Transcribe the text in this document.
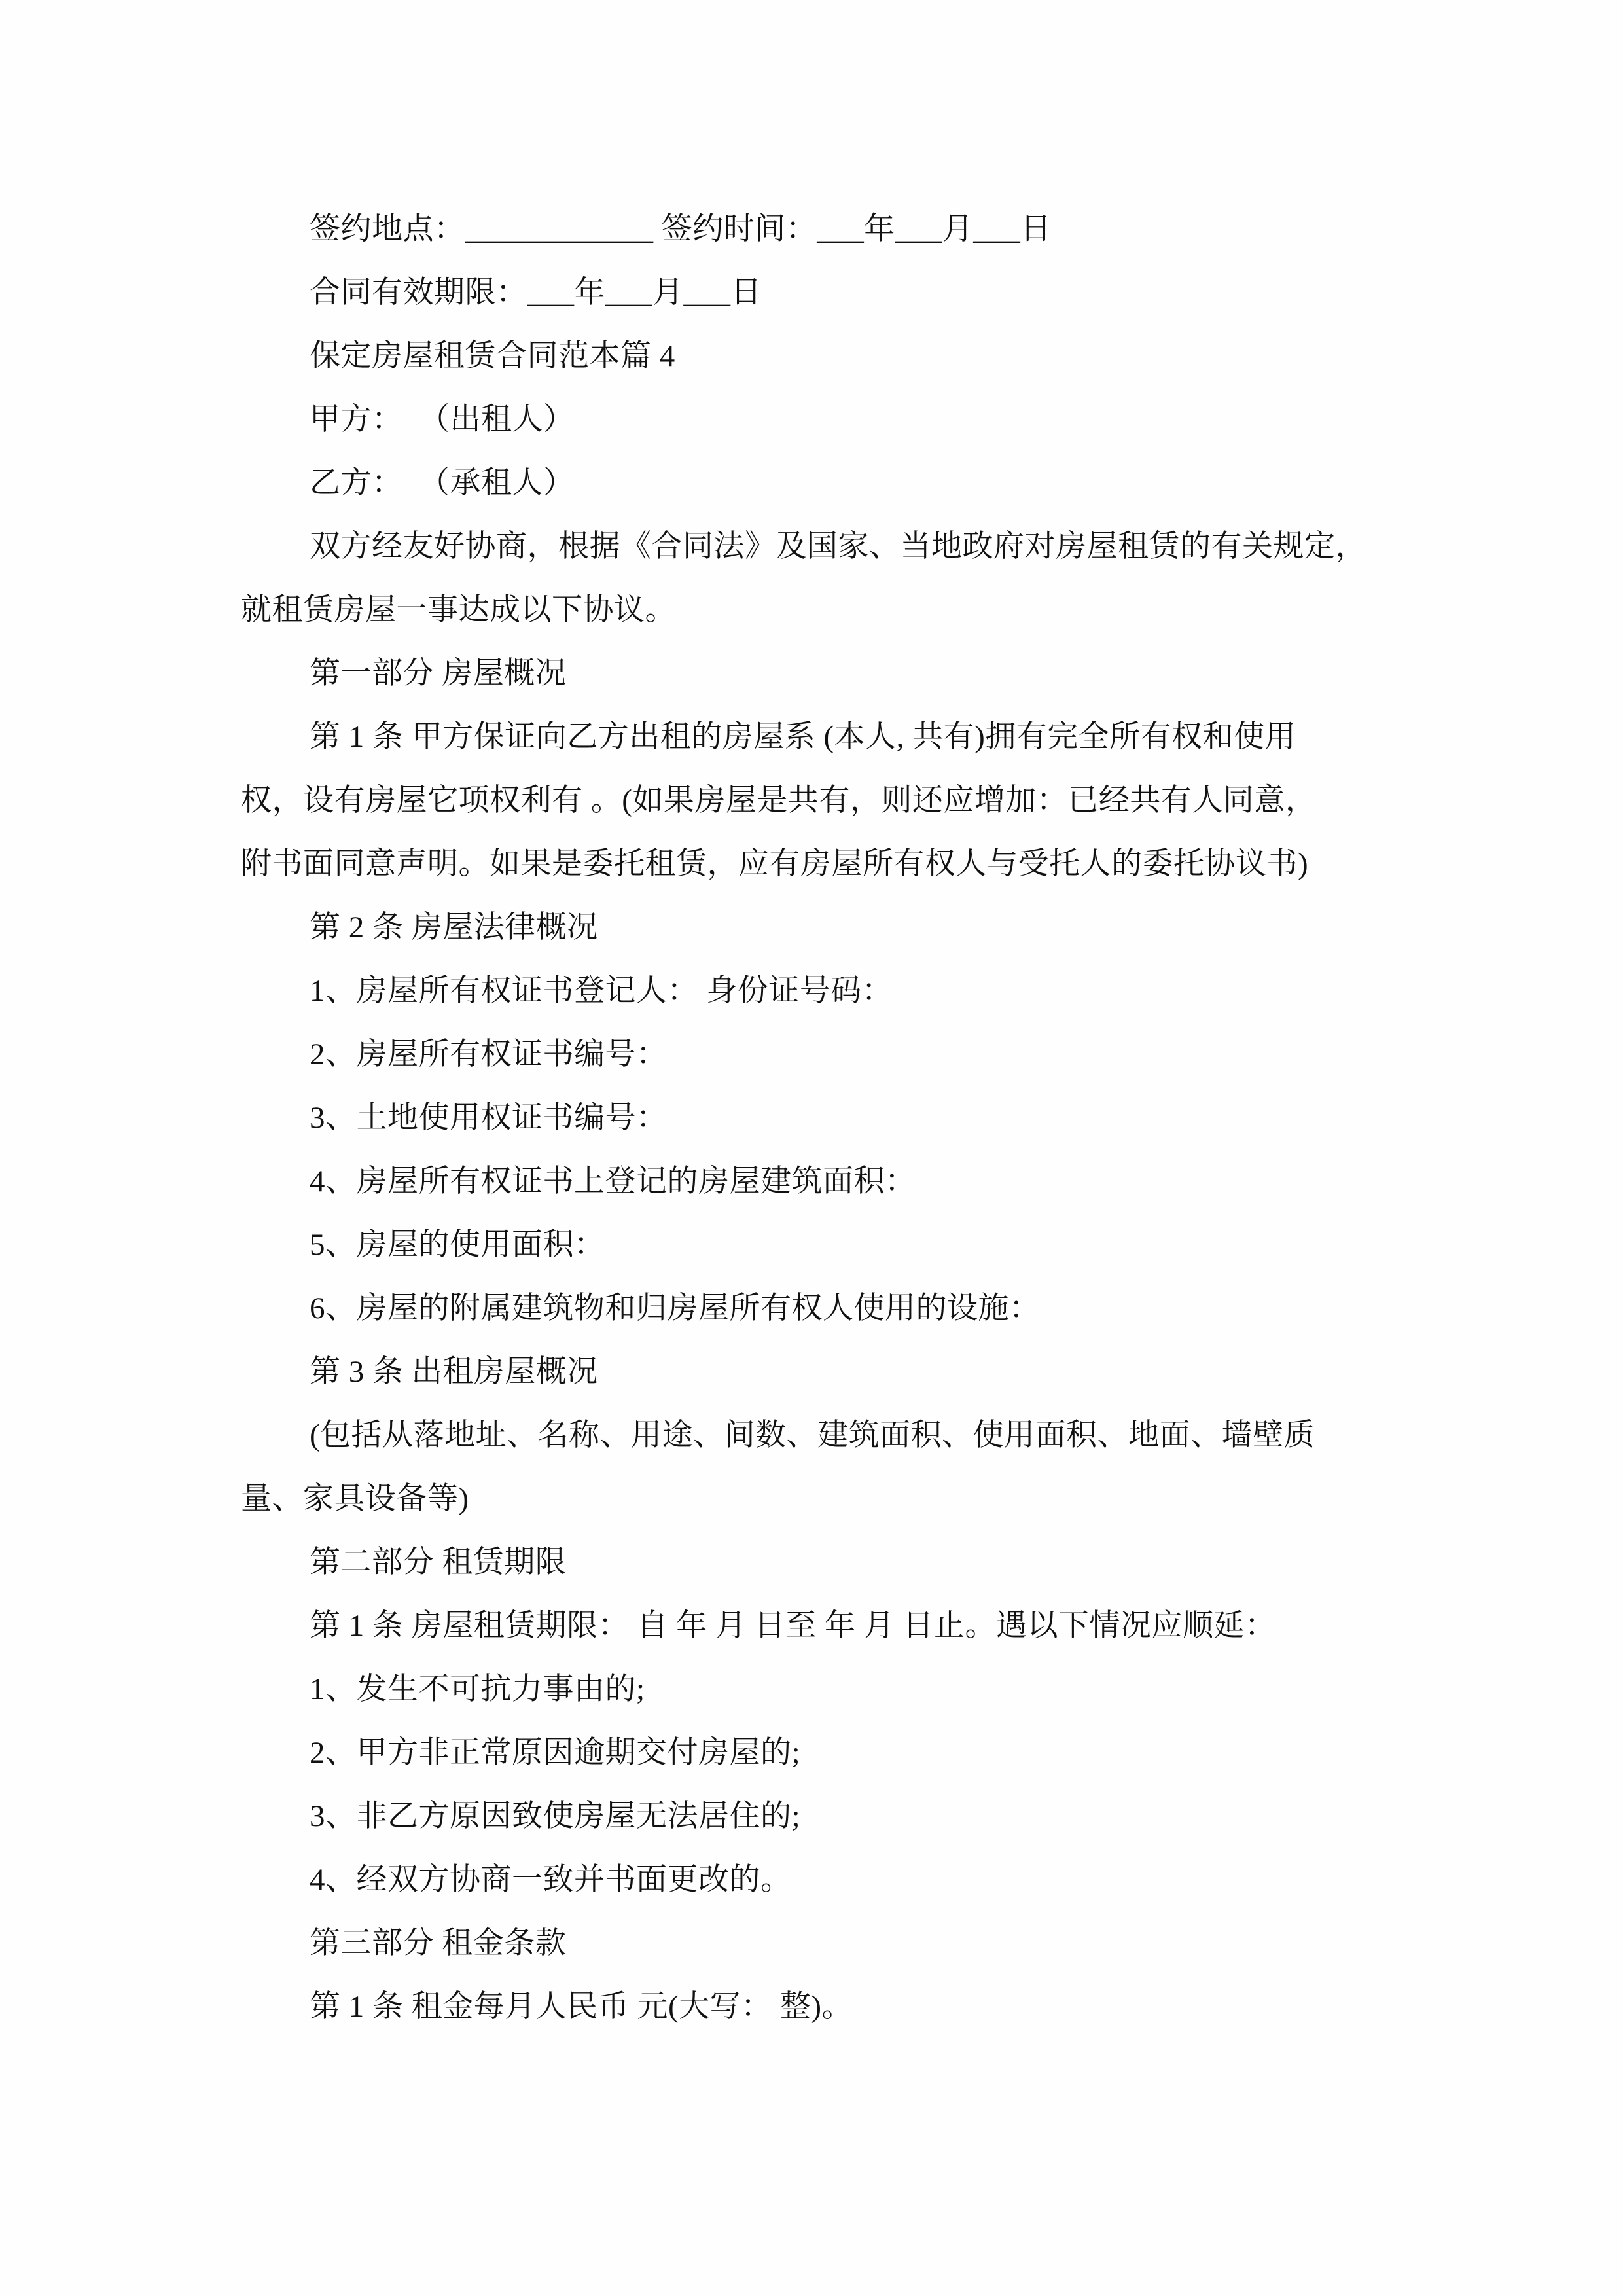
签约地点：____________ 签约时间：___年___月___日

合同有效期限：___年___月___日

保定房屋租赁合同范本篇 4

甲方：  （出租人）

乙方：  （承租人）

双方经友好协商，根据《合同法》及国家、当地政府对房屋租赁的有关规定，

就租赁房屋一事达成以下协议。

第一部分 房屋概况

第 1 条 甲方保证向乙方出租的房屋系 (本人, 共有)拥有完全所有权和使用

权，设有房屋它项权利有 。(如果房屋是共有，则还应增加：已经共有人同意，

附书面同意声明。如果是委托租赁，应有房屋所有权人与受托人的委托协议书)

第 2 条 房屋法律概况

1、房屋所有权证书登记人： 身份证号码：

2、房屋所有权证书编号：

3、土地使用权证书编号：

4、房屋所有权证书上登记的房屋建筑面积：

5、房屋的使用面积：

6、房屋的附属建筑物和归房屋所有权人使用的设施：

第 3 条 出租房屋概况

(包括从落地址、名称、用途、间数、建筑面积、使用面积、地面、墙壁质

量、家具设备等)

第二部分 租赁期限

第 1 条 房屋租赁期限： 自 年 月 日至 年 月 日止。遇以下情况应顺延：

1、发生不可抗力事由的;

2、甲方非正常原因逾期交付房屋的;

3、非乙方原因致使房屋无法居住的;

4、经双方协商一致并书面更改的。

第三部分 租金条款

第 1 条 租金每月人民币 元(大写： 整)。
